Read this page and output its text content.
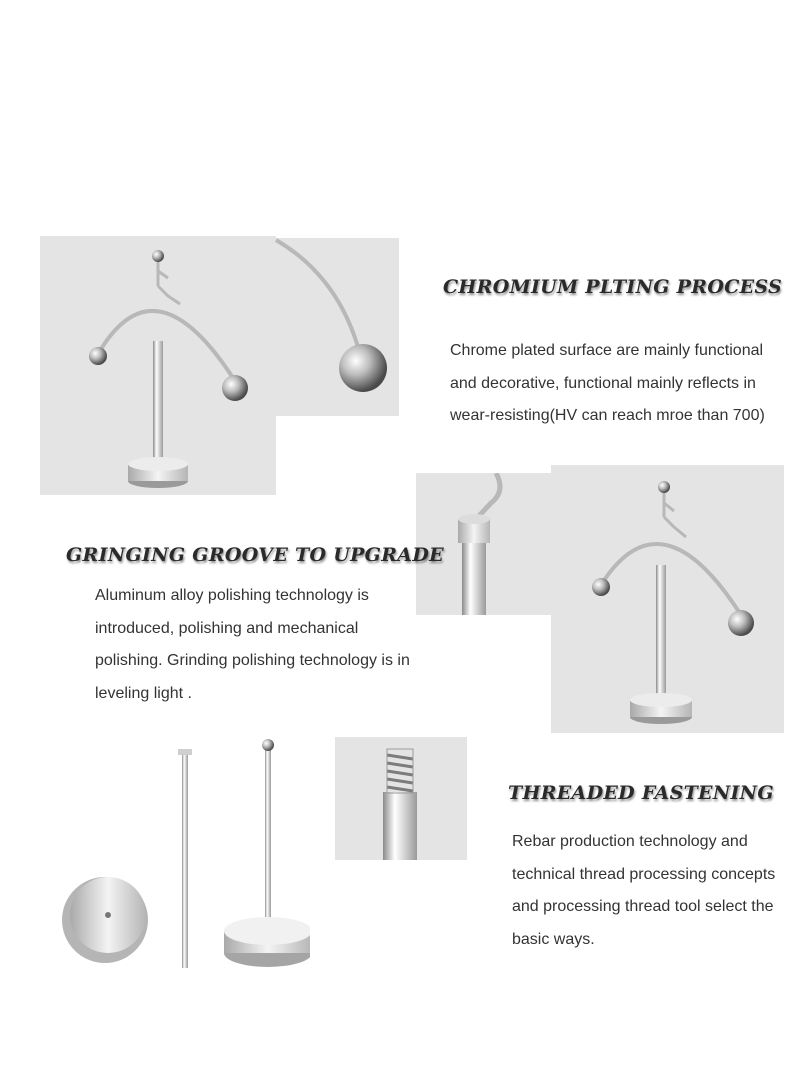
CHROMIUM PLTING PROCESS

Chrome plated surface are mainly functional
and decorative, functional mainly reflects in
wear-resisting(HV can reach mroe than 700)

GRINGING GROOVE TO UPGRADE

Aluminum alloy polishing technology is
introduced, polishing and mechanical
polishing. Grinding polishing technology is in
leveling light .

THREADED FASTENING

Rebar production technology and
technical thread processing concepts
and processing thread tool select the
basic ways.
